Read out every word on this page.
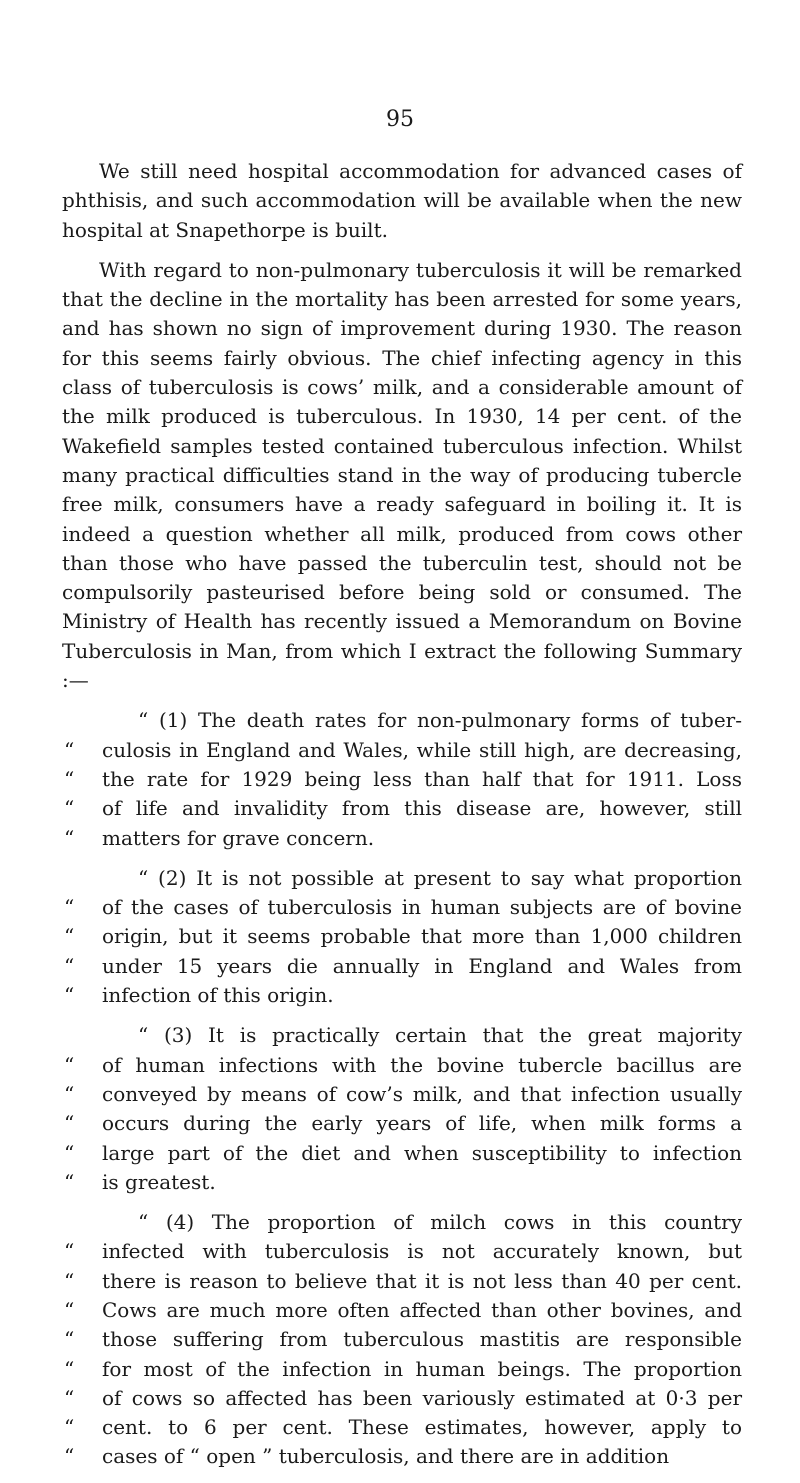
95

We still need hospital accommodation for advanced cases of phthisis, and such accommodation will be available when the new hospital at Snapethorpe is built.

With regard to non-pulmonary tuberculosis it will be remarked that the decline in the mortality has been arrested for some years, and has shown no sign of improvement during 1930. The reason for this seems fairly obvious. The chief infecting agency in this class of tuberculosis is cows’ milk, and a considerable amount of the milk produced is tuberculous. In 1930, 14 per cent. of the Wakefield samples tested contained tuberculous infection. Whilst many practical difficulties stand in the way of producing tubercle free milk, consumers have a ready safeguard in boiling it. It is indeed a question whether all milk, produced from cows other than those who have passed the tuberculin test, should not be compulsorily pasteurised before being sold or consumed. The Ministry of Health has recently issued a Memorandum on Bovine Tuberculosis in Man, from which I extract the following Summary :—

“ (1) The death rates for non-pulmonary forms of tuber-
“	culosis in England and Wales, while still high, are decreasing,
“	the rate for 1929 being less than half that for 1911. Loss
“	of life and invalidity from this disease are, however, still
“	matters for grave concern.
“ (2) It is not possible at present to say what proportion
“	of the cases of tuberculosis in human subjects are of bovine
“	origin, but it seems probable that more than 1,000 children
“	under 15 years die annually in England and Wales from
“	infection of this origin.
“ (3) It is practically certain that the great majority
“	of human infections with the bovine tubercle bacillus are
“	conveyed by means of cow’s milk, and that infection usually
“	occurs during the early years of life, when milk forms a
“	large part of the diet and when susceptibility to infection
“	is greatest.
“ (4) The proportion of milch cows in this country
“	infected with tuberculosis is not accurately known, but
“	there is reason to believe that it is not less than 40 per cent.
“	Cows are much more often affected than other bovines, and
“	those suffering from tuberculous mastitis are responsible
“	for most of the infection in human beings. The proportion
“	of cows so affected has been variously estimated at 0·3 per
“	cent. to 6 per cent. These estimates, however, apply to
“	cases of “ open ” tuberculosis, and there are in addition
